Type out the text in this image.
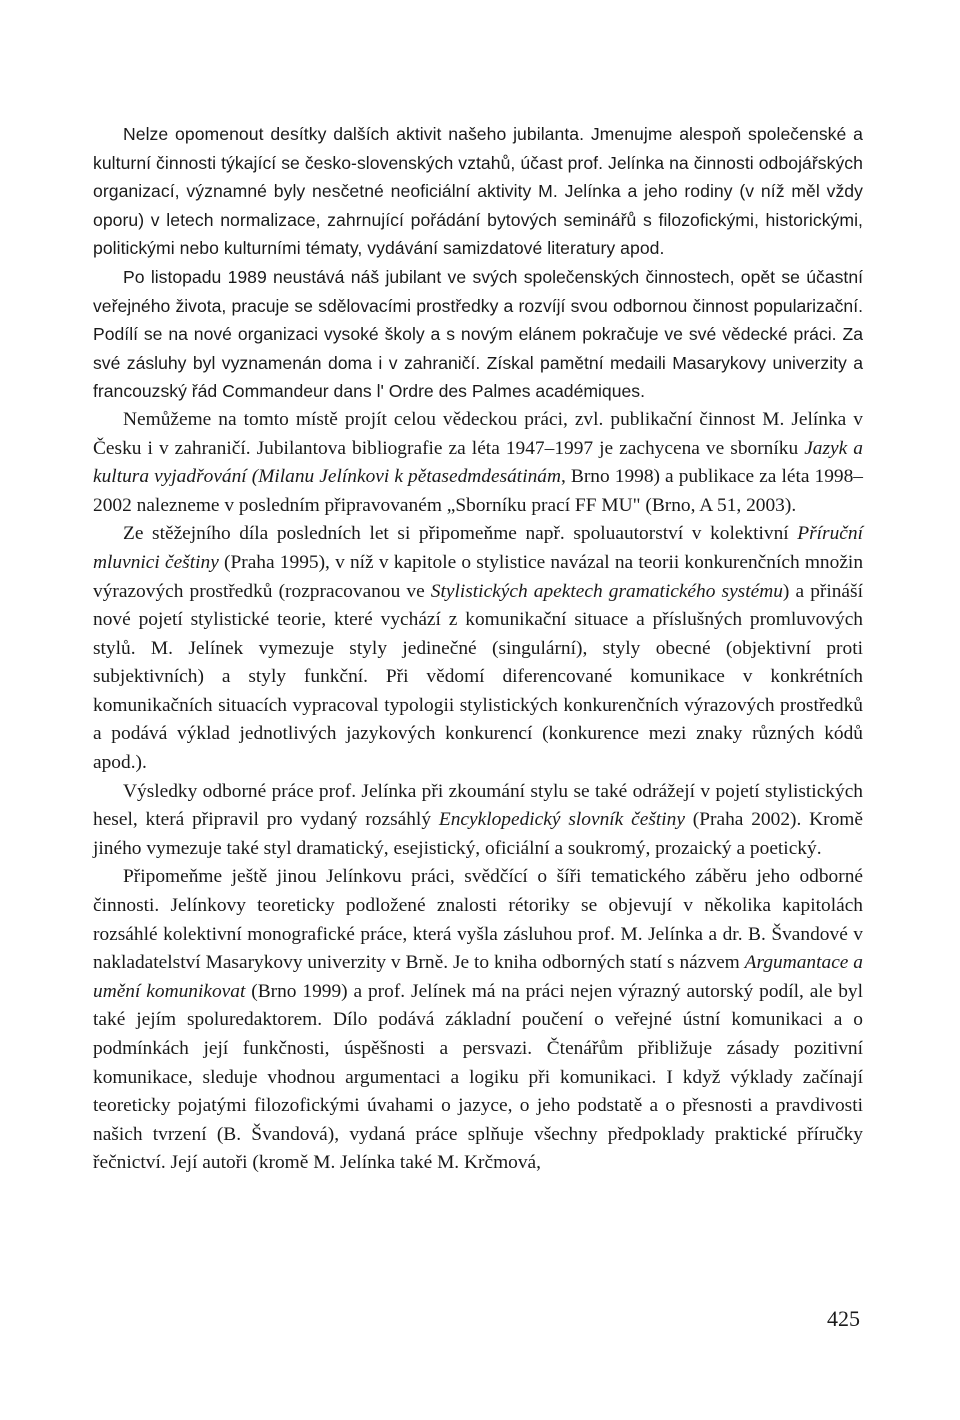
Nelze opomenout desítky dalších aktivit našeho jubilanta. Jmenujme alespoň společenské a kulturní činnosti týkající se česko-slovenských vztahů, účast prof. Jelínka na činnosti odbojářských organizací, významné byly nesčetné neoficiální aktivity M. Jelínka a jeho rodiny (v níž měl vždy oporu) v letech normalizace, zahrnující pořádání bytových seminářů s filozofickými, historickými, politickými nebo kulturními tématy, vydávání samizdatové literatury apod.

Po listopadu 1989 neustává náš jubilant ve svých společenských činnostech, opět se účastní veřejného života, pracuje se sdělovacími prostředky a rozvíjí svou odbornou činnost popularizační. Podílí se na nové organizaci vysoké školy a s novým elánem pokračuje ve své vědecké práci. Za své zásluhy byl vyznamenán doma i v zahraničí. Získal pamětní medaili Masarykovy univerzity a francouzský řád Commandeur dans l' Ordre des Palmes académiques.

Nemůžeme na tomto místě projít celou vědeckou práci, zvl. publikační činnost M. Jelínka v Česku i v zahraničí. Jubilantova bibliografie za léta 1947–1997 je zachycena ve sborníku Jazyk a kultura vyjadřování (Milanu Jelínkovi k pětasedmdesátinám, Brno 1998) a publikace za léta 1998–2002 nalezneme v posledním připravovaném „Sborníku prací FF MU" (Brno, A 51, 2003).

Ze stěžejního díla posledních let si připomeňme např. spoluautorství v kolektivní Příruční mluvnici češtiny (Praha 1995), v níž v kapitole o stylistice navázal na teorii konkurenčních množin výrazových prostředků (rozpracovanou ve Stylistických apektech gramatického systému) a přináší nové pojetí stylistické teorie, které vychází z komunikační situace a příslušných promluvových stylů. M. Jelínek vymezuje styly jedinečné (singulární), styly obecné (objektivní proti subjektivních) a styly funkční. Při vědomí diferencované komunikace v konkrétních komunikačních situacích vypracoval typologii stylistických konkurenčních výrazových prostředků a podává výklad jednotlivých jazykových konkurencí (konkurence mezi znaky různých kódů apod.).

Výsledky odborné práce prof. Jelínka při zkoumání stylu se také odrážejí v pojetí stylistických hesel, která připravil pro vydaný rozsáhlý Encyklopedický slovník češtiny (Praha 2002). Kromě jiného vymezuje také styl dramatický, esejistický, oficiální a soukromý, prozaický a poetický.

Připomeňme ještě jinou Jelínkovu práci, svědčící o šíři tematického záběru jeho odborné činnosti. Jelínkovy teoreticky podložené znalosti rétoriky se objevují v několika kapitolách rozsáhlé kolektivní monografické práce, která vyšla zásluhou prof. M. Jelínka a dr. B. Švandové v nakladatelství Masarykovy univerzity v Brně. Je to kniha odborných statí s názvem Argumantace a umění komunikovat (Brno 1999) a prof. Jelínek má na práci nejen výrazný autorský podíl, ale byl také jejím spoluredaktorem. Dílo podává základní poučení o veřejné ústní komunikaci a o podmínkách její funkčnosti, úspěšnosti a persvazi. Čtenářům přibližuje zásady pozitivní komunikace, sleduje vhodnou argumentaci a logiku při komunikaci. I když výklady začínají teoreticky pojatými filozofickými úvahami o jazyce, o jeho podstatě a o přesnosti a pravdivosti našich tvrzení (B. Švandová), vydaná práce splňuje všechny předpoklady praktické příručky řečnictví. Její autoři (kromě M. Jelínka také M. Krčmová,

425
